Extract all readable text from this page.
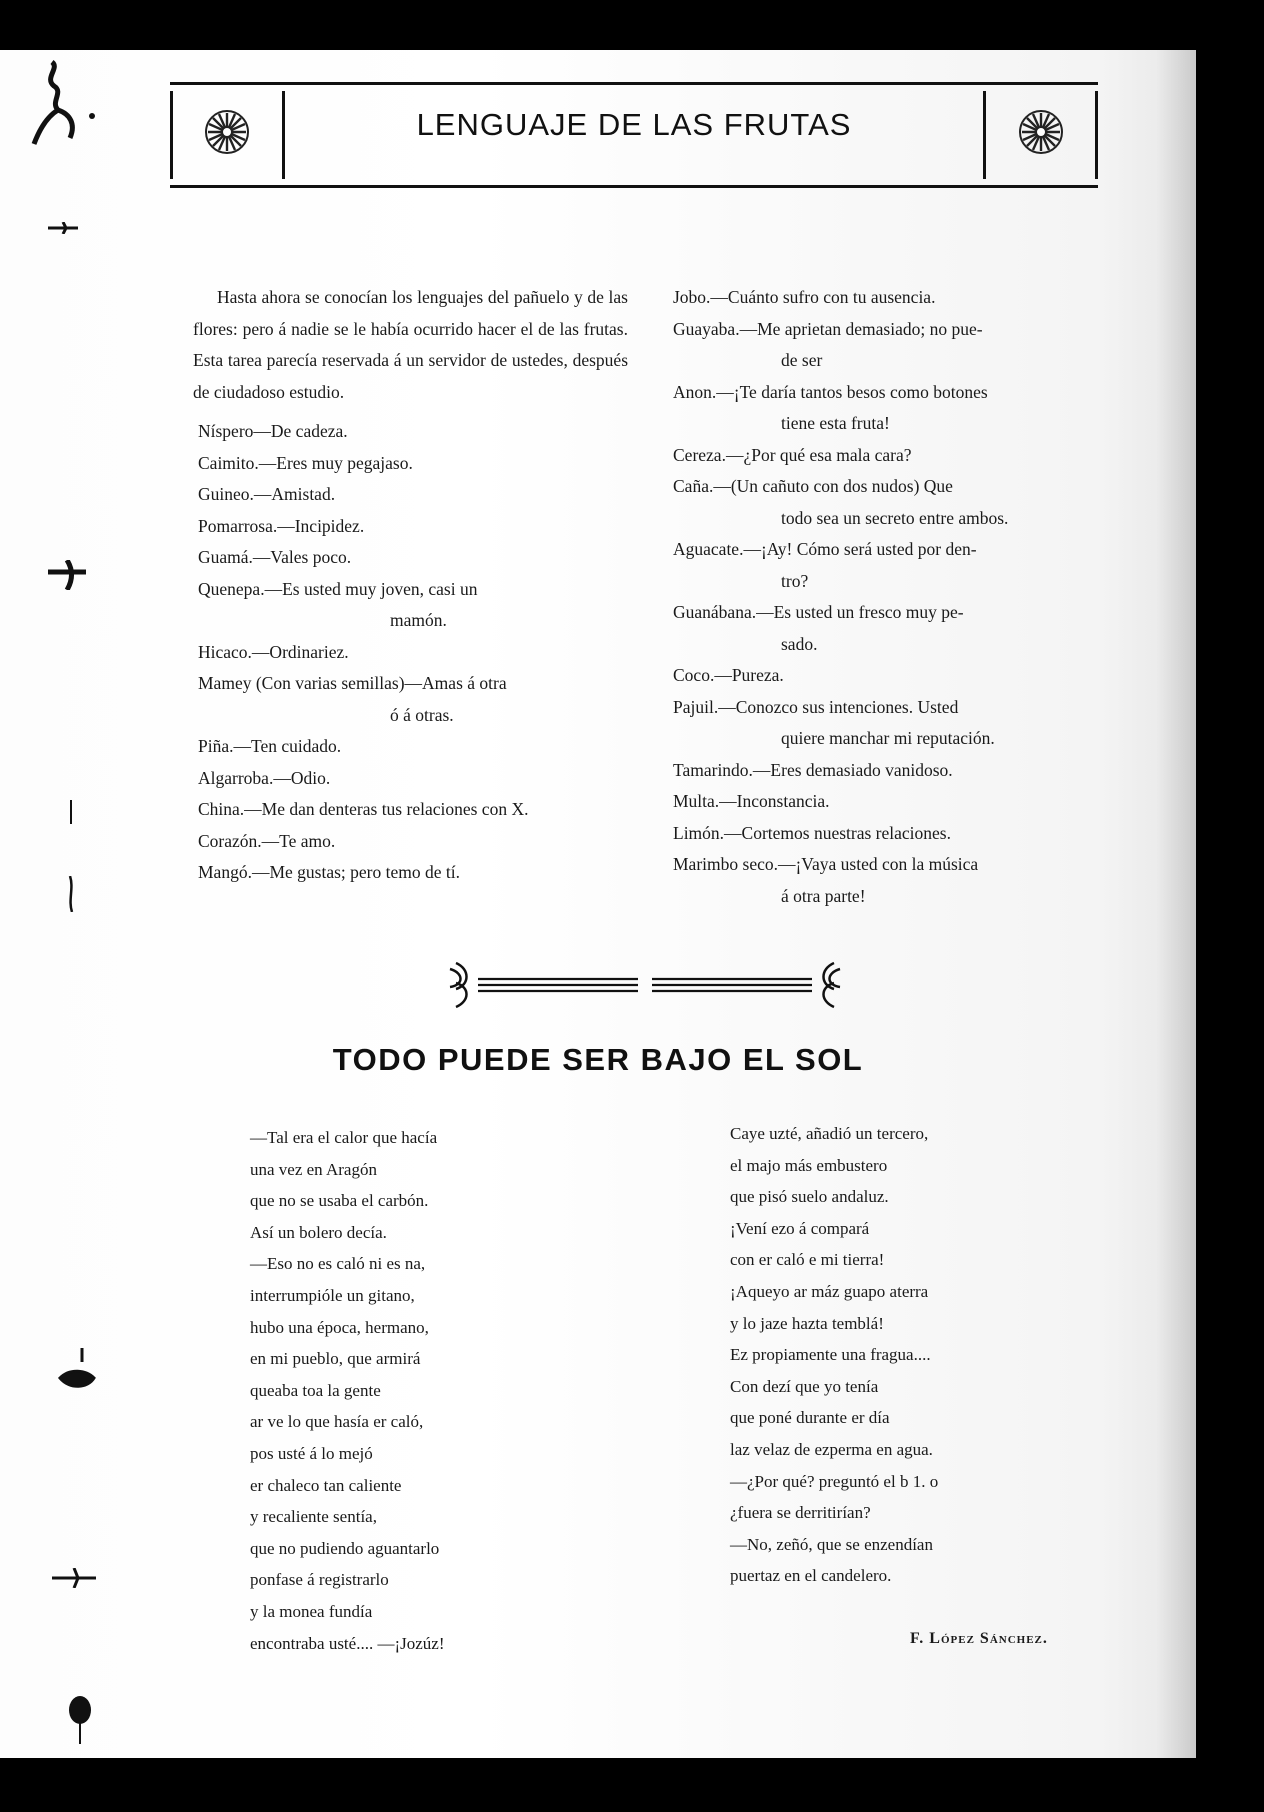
LENGUAJE DE LAS FRUTAS

Hasta ahora se conocían los lenguajes del pañuelo y de las flores: pero á nadie se le había ocurrido hacer el de las frutas. Esta tarea parecía reservada á un servidor de ustedes, después de ciudadoso estudio.

Níspero—De cadeza.

Caimito.—Eres muy pegajaso.

Guineo.—Amistad.

Pomarrosa.—Incipidez.

Guamá.—Vales poco.

Quenepa.—Es usted muy joven, casi un
mamón.

Hicaco.—Ordinariez.

Mamey (Con varias semillas)—Amas á otra
ó á otras.

Piña.—Ten cuidado.

Algarroba.—Odio.

China.—Me dan denteras tus relaciones con X.

Corazón.—Te amo.

Mangó.—Me gustas; pero temo de tí.

Jobo.—Cuánto sufro con tu ausencia.

Guayaba.—Me aprietan demasiado; no pue-
de ser

Anon.—¡Te daría tantos besos como botones
tiene esta fruta!

Cereza.—¿Por qué esa mala cara?

Caña.—(Un cañuto con dos nudos) Que
todo sea un secreto entre ambos.

Aguacate.—¡Ay! Cómo será usted por den-
tro?

Guanábana.—Es usted un fresco muy pe-
sado.

Coco.—Pureza.

Pajuil.—Conozco sus intenciones. Usted
quiere manchar mi reputación.

Tamarindo.—Eres demasiado vanidoso.

Multa.—Inconstancia.

Limón.—Cortemos nuestras relaciones.

Marimbo seco.—¡Vaya usted con la música
á otra parte!

TODO PUEDE SER BAJO EL SOL

—Tal era el calor que hacía

una vez en Aragón

que no se usaba el carbón.

Así un bolero decía.

—Eso no es caló ni es na,

interrumpióle un gitano,

hubo una época, hermano,

en mi pueblo, que armirá

queaba toa la gente

ar ve lo que hasía er caló,

pos usté á lo mejó

er chaleco tan caliente

y recaliente sentía,

que no pudiendo aguantarlo

ponfase á registrarlo

y la monea fundía

encontraba usté.... —¡Jozúz!

Caye uzté, añadió un tercero,

el majo más embustero

que pisó suelo andaluz.

¡Vení ezo á compará

con er caló e mi tierra!

¡Aqueyo ar máz guapo aterra

y lo jaze hazta temblá!

Ez propiamente una fragua....

Con dezí que yo tenía

que poné durante er día

laz velaz de ezperma en agua.

—¿Por qué? preguntó el b 1. o

¿fuera se derritirían?

—No, zeñó, que se enzendían

puertaz en el candelero.

F. López Sánchez.
